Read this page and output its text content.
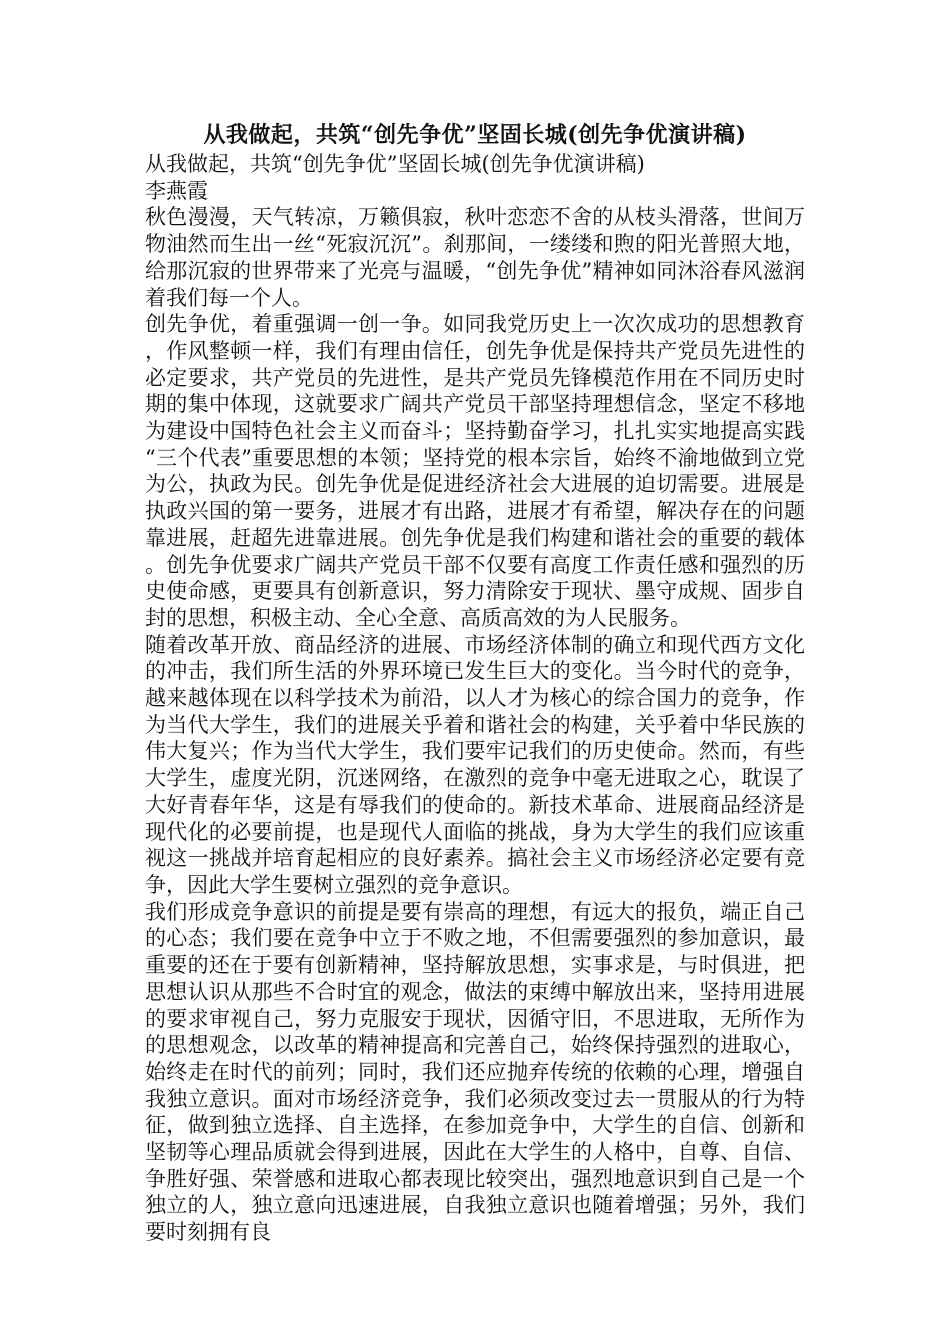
从我做起，共筑“创先争优”坚固长城(创先争优演讲稿)
从我做起，共筑“创先争优”坚固长城(创先争优演讲稿)
李燕霞

秋色漫漫，天气转凉，万籁俱寂，秋叶恋恋不舍的从枝头滑落，世间万物油然而生出一丝“死寂沉沉”。刹那间，一缕缕和煦的阳光普照大地，给那沉寂的世界带来了光亮与温暖，“创先争优”精神如同沐浴春风滋润着我们每一个人。

创先争优，着重强调一创一争。如同我党历史上一次次成功的思想教育，作风整顿一样，我们有理由信任，创先争优是保持共产党员先进性的必定要求，共产党员的先进性，是共产党员先锋模范作用在不同历史时期的集中体现，这就要求广阔共产党员干部坚持理想信念，坚定不移地为建设中国特色社会主义而奋斗；坚持勤奋学习，扎扎实实地提高实践“三个代表”重要思想的本领；坚持党的根本宗旨，始终不渝地做到立党为公，执政为民。创先争优是促进经济社会大进展的迫切需要。进展是执政兴国的第一要务，进展才有出路，进展才有希望，解决存在的问题靠进展，赶超先进靠进展。创先争优是我们构建和谐社会的重要的载体。创先争优要求广阔共产党员干部不仅要有高度工作责任感和强烈的历史使命感，更要具有创新意识，努力清除安于现状、墨守成规、固步自封的思想，积极主动、全心全意、高质高效的为人民服务。

随着改革开放、商品经济的进展、市场经济体制的确立和现代西方文化的冲击，我们所生活的外界环境已发生巨大的变化。当今时代的竞争，越来越体现在以科学技术为前沿，以人才为核心的综合国力的竞争，作为当代大学生，我们的进展关乎着和谐社会的构建，关乎着中华民族的伟大复兴；作为当代大学生，我们要牢记我们的历史使命。然而，有些大学生，虚度光阴，沉迷网络，在激烈的竞争中毫无进取之心，耽误了大好青春年华，这是有辱我们的使命的。新技术革命、进展商品经济是现代化的必要前提，也是现代人面临的挑战，身为大学生的我们应该重视这一挑战并培育起相应的良好素养。搞社会主义市场经济必定要有竞争，因此大学生要树立强烈的竞争意识。

我们形成竞争意识的前提是要有崇高的理想，有远大的报负，端正自己的心态；我们要在竞争中立于不败之地，不但需要强烈的参加意识，最重要的还在于要有创新精神，坚持解放思想，实事求是，与时俱进，把思想认识从那些不合时宜的观念，做法的束缚中解放出来，坚持用进展的要求审视自己，努力克服安于现状，因循守旧，不思进取，无所作为的思想观念，以改革的精神提高和完善自己，始终保持强烈的进取心，始终走在时代的前列；同时，我们还应抛弃传统的依赖的心理，增强自我独立意识。面对市场经济竞争，我们必须改变过去一贯服从的行为特征，做到独立选择、自主选择，在参加竞争中，大学生的自信、创新和坚韧等心理品质就会得到进展，因此在大学生的人格中，自尊、自信、争胜好强、荣誉感和进取心都表现比较突出，强烈地意识到自己是一个独立的人，独立意向迅速进展，自我独立意识也随着增强；另外，我们要时刻拥有良
